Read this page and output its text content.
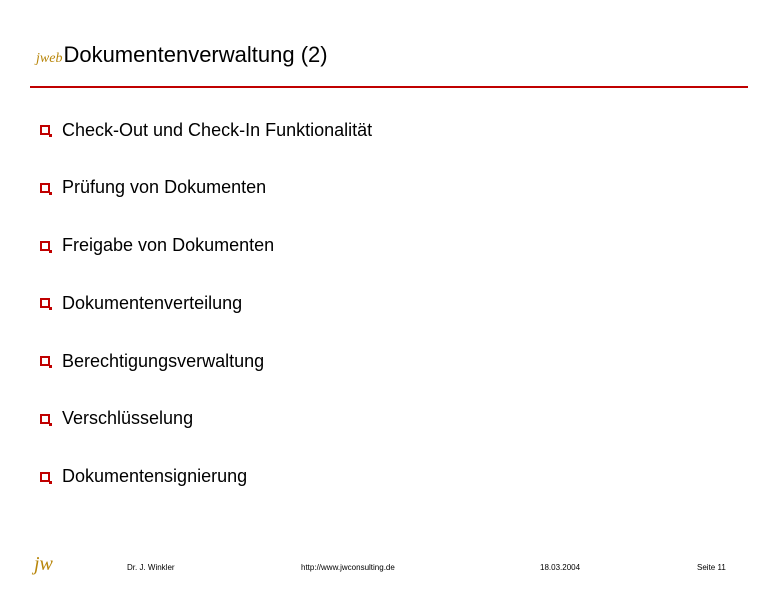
jweb Dokumentenverwaltung (2)
Check-Out und Check-In Funktionalität
Prüfung von Dokumenten
Freigabe von Dokumenten
Dokumentenverteilung
Berechtigungsverwaltung
Verschlüsselung
Dokumentensignierung
jw	Dr. J. Winkler	http://www.jwconsulting.de	18.03.2004	Seite 11
